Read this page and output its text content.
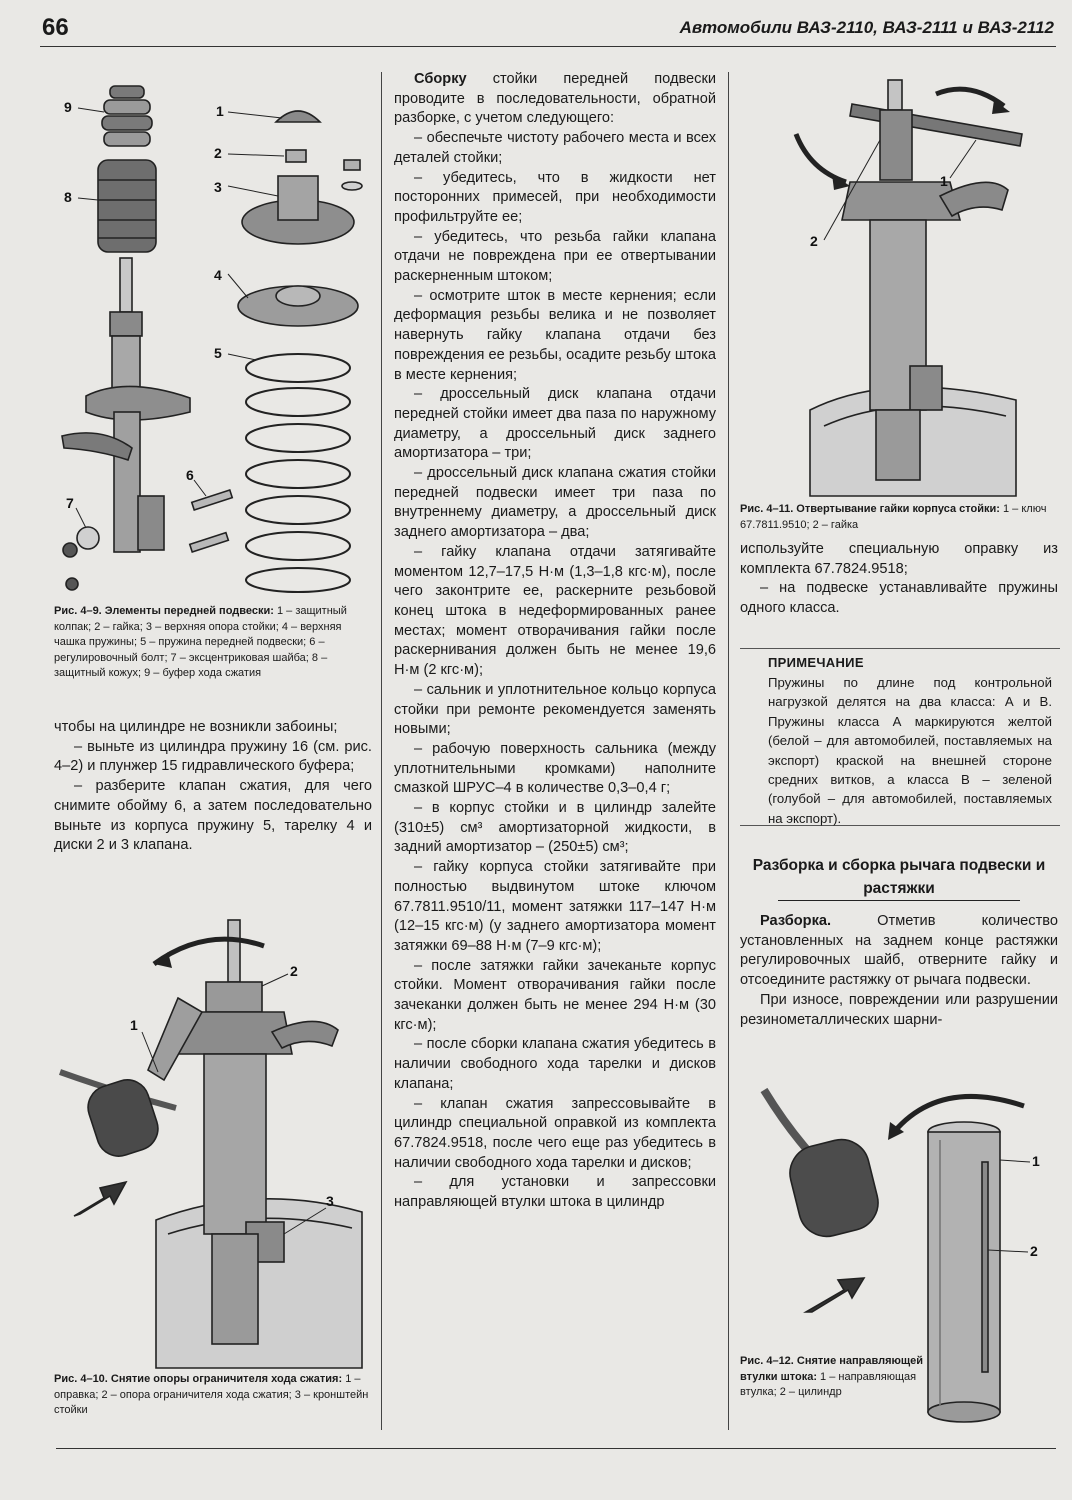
66	Автомобили ВАЗ-2110, ВАЗ-2111 и ВАЗ-2112
1
2
3
4
5
6
7
8
9
Рис. 4–9. Элементы передней подвески: 1 – защитный колпак; 2 – гайка; 3 – верхняя опора стойки; 4 – верхняя чашка пружины; 5 – пружина передней подвески; 6 – регулировочный болт; 7 – эксцентриковая шайба; 8 – защитный кожух; 9 – буфер хода сжатия

чтобы на цилиндре не возникли забоины;

– выньте из цилиндра пружину 16 (см. рис. 4–2) и плунжер 15 гидравлического буфера;

– разберите клапан сжатия, для чего снимите обойму 6, а затем последовательно выньте из корпуса пружину 5, тарелку 4 и диски 2 и 3 клапана.

1
2
3
Рис. 4–10. Снятие опоры ограничителя хода сжатия: 1 – оправка; 2 – опора ограничителя хода сжатия; 3 – кронштейн стойки

Сборку стойки передней подвески проводите в последовательности, обратной разборке, с учетом следующего:

– обеспечьте чистоту рабочего места и всех деталей стойки;

– убедитесь, что в жидкости нет посторонних примесей, при необходимости профильтруйте ее;

– убедитесь, что резьба гайки клапана отдачи не повреждена при ее отвертывании раскерненным штоком;

– осмотрите шток в месте кернения; если деформация резьбы велика и не позволяет навернуть гайку клапана отдачи без повреждения ее резьбы, осадите резьбу штока в месте кернения;

– дроссельный диск клапана отдачи передней стойки имеет два паза по наружному диаметру, а дроссельный диск заднего амортизатора – три;

– дроссельный диск клапана сжатия стойки передней подвески имеет три паза по внутреннему диаметру, а дроссельный диск заднего амортизатора – два;

– гайку клапана отдачи затягивайте моментом 12,7–17,5 Н·м (1,3–1,8 кгс·м), после чего законтрите ее, раскерните резьбовой конец штока в недеформированных ранее местах; момент отворачивания гайки после раскернивания должен быть не менее 19,6 Н·м (2 кгс·м);

– сальник и уплотнительное кольцо корпуса стойки при ремонте рекомендуется заменять новыми;

– рабочую поверхность сальника (между уплотнительными кромками) наполните смазкой ШРУС–4 в количестве 0,3–0,4 г;

– в корпус стойки и в цилиндр залейте (310±5) см³ амортизаторной жидкости, в задний амортизатор – (250±5) см³;

– гайку корпуса стойки затягивайте при полностью выдвинутом штоке ключом 67.7811.9510/11, момент затяжки 117–147 Н·м (12–15 кгс·м) (у заднего амортизатора момент затяжки 69–88 Н·м (7–9 кгс·м);

– после затяжки гайки зачеканьте корпус стойки. Момент отворачивания гайки после зачеканки должен быть не менее 294 Н·м (30 кгс·м);

– после сборки клапана сжатия убедитесь в наличии свободного хода тарелки и дисков клапана;

– клапан сжатия запрессовывайте в цилиндр специальной оправкой из комплекта 67.7824.9518, после чего еще раз убедитесь в наличии свободного хода тарелки и дисков;

– для установки и запрессовки направляющей втулки штока в цилиндр

1
2
Рис. 4–11. Отвертывание гайки корпуса стойки: 1 – ключ 67.7811.9510; 2 – гайка

используйте специальную оправку из комплекта 67.7824.9518;

– на подвеске устанавливайте пружины одного класса.

ПРИМЕЧАНИЕ
Пружины по длине под контрольной нагрузкой делятся на два класса: А и В. Пружины класса А маркируются желтой (белой – для автомобилей, поставляемых на экспорт) краской на внешней стороне средних витков, а класса В – зеленой (голубой – для автомобилей, поставляемых на экспорт).
Разборка и сборка рычага подвески и растяжки

Разборка. Отметив количество установленных на заднем конце растяжки регулировочных шайб, отверните гайку и отсоедините растяжку от рычага подвески.

При износе, повреждении или разрушении резинометаллических шарни-

1
2
Рис. 4–12. Снятие направляющей втулки штока: 1 – направляющая втулка; 2 – цилиндр
